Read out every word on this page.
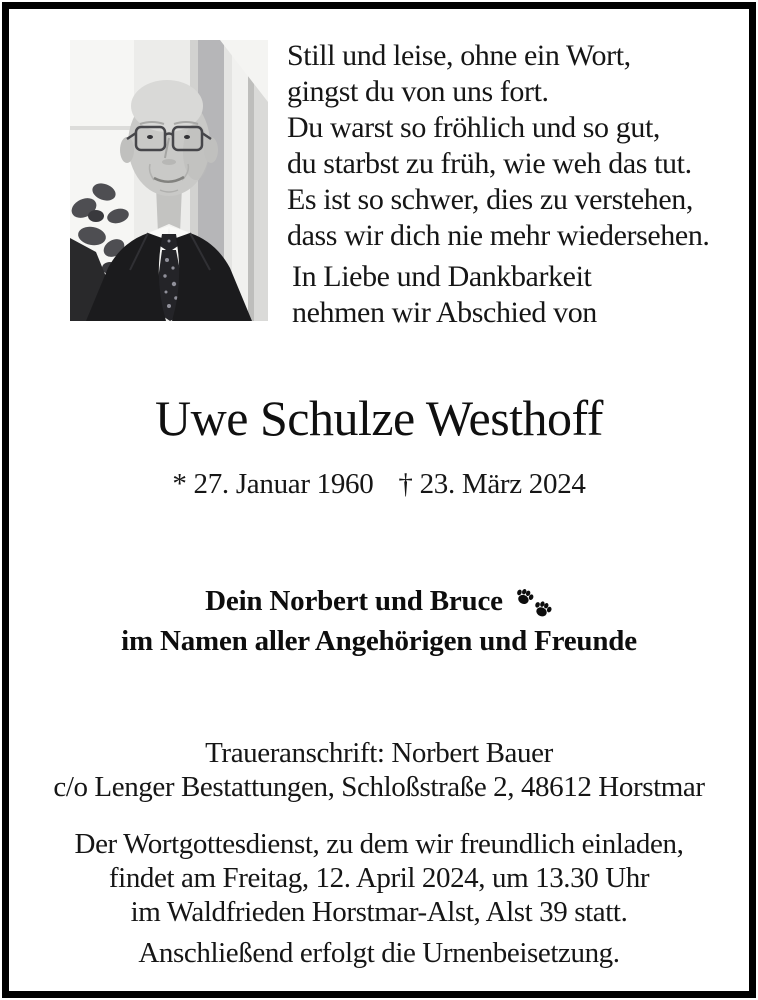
Still und leise, ohne ein Wort,
gingst du von uns fort.
Du warst so fröhlich und so gut,
du starbst zu früh, wie weh das tut.
Es ist so schwer, dies zu verstehen,
dass wir dich nie mehr wiedersehen.
In Liebe und Dankbarkeit
nehmen wir Abschied von
Uwe Schulze Westhoff
* 27. Januar 1960 † 23. März 2024
Dein Norbert und Bruce
im Namen aller Angehörigen und Freunde
Traueranschrift: Norbert Bauer
c/o Lenger Bestattungen, Schloßstraße 2, 48612 Horstmar
Der Wortgottesdienst, zu dem wir freundlich einladen,
findet am Freitag, 12. April 2024, um 13.30 Uhr
im Waldfrieden Horstmar-Alst, Alst 39 statt.
Anschließend erfolgt die Urnenbeisetzung.
